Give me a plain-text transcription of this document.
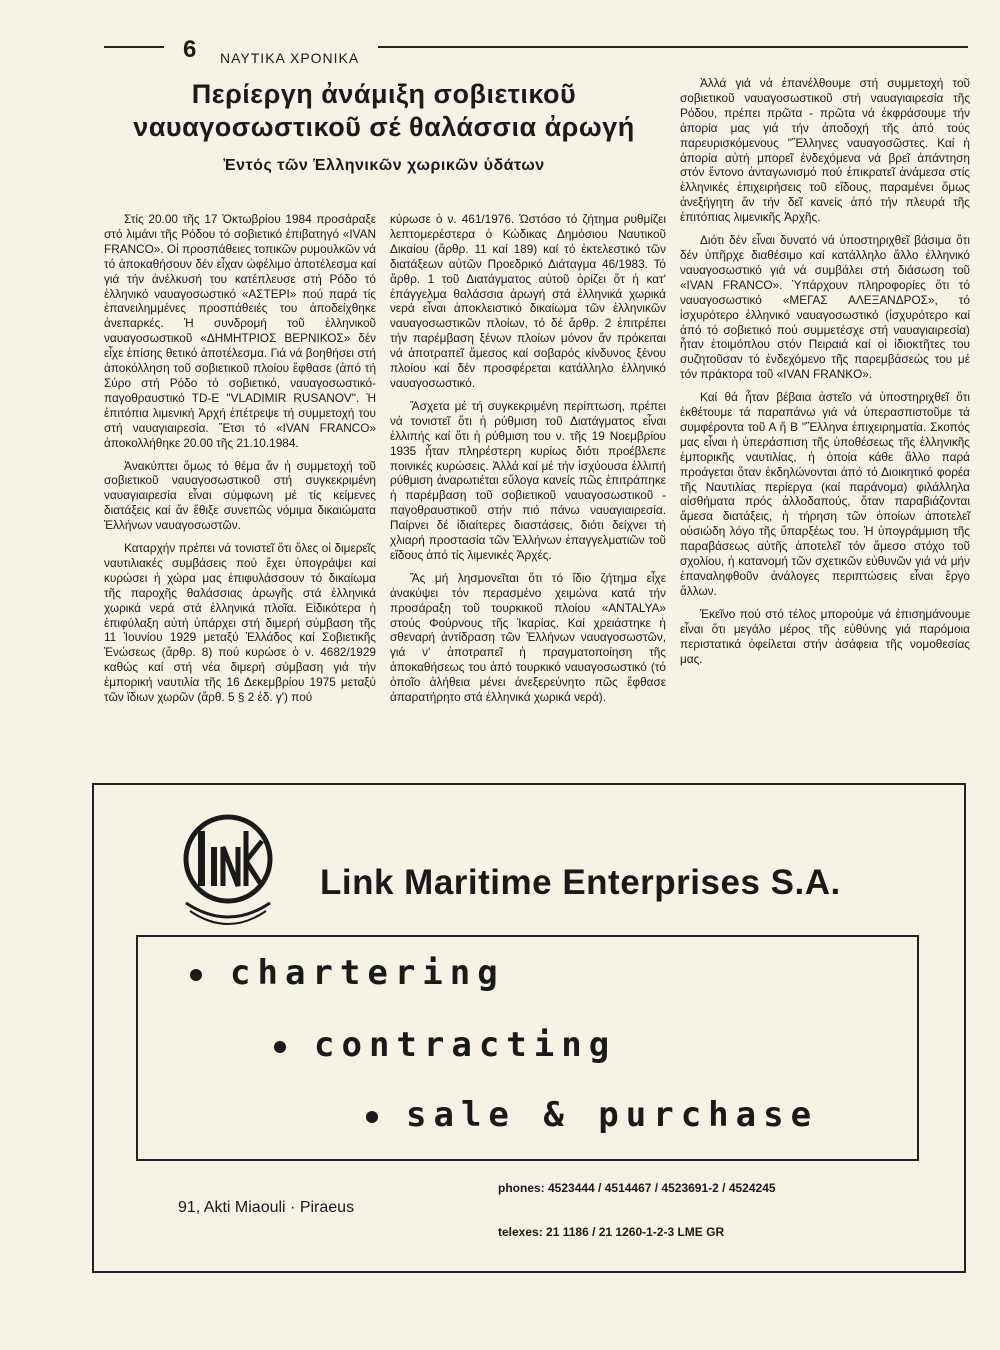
6 ΝΑΥΤΙΚΑ ΧΡΟΝΙΚΑ
Περίεργη ἀνάμιξη σοβιετικοῦ
ναυαγοσωστικοῦ σέ θαλάσσια ἀρωγή
Ἐντός τῶν Ἑλληνικῶν χωρικῶν ὑδάτων

Στίς 20.00 τῆς 17 Ὀκτωβρίου 1984 προσάραξε στό λιμάνι τῆς Ρόδου τό σοβιετικό ἐπιβατηγό «IVAN FRANCO». Οἱ προσπάθειες τοπικῶν ρυμουλκῶν νά τό ἀποκαθήσουν δέν εἶχαν ὠφέλιμο ἀποτέλεσμα καί γιά τήν ἀνέλκυσή του κατέπλευσε στή Ρόδο τό ἑλληνικό ναυαγοσωστικό «ΑΣΤΕΡΙ» πού παρά τίς ἐπανειλημμένες προσπάθειές του ἀποδείχθηκε ἀνεπαρκές. Ἡ συνδρομή τοῦ ἑλληνικοῦ ναυαγοσωστικοῦ «ΔΗΜΗΤΡΙΟΣ ΒΕΡΝΙΚΟΣ» δέν εἶχε ἐπίσης θετικό ἀποτέλεσμα. Γιά νά βοηθήσει στή ἀποκόλληση τοῦ σοβιετικοῦ πλοίου ἔφθασε (ἀπό τή Σύρο στή Ρόδο τό σοβιετικό, ναυαγοσωστικό- παγοθραυστικό TD-E "VLADIMIR RUSANOV". Ἡ ἐπιτόπια λιμενική Ἀρχή ἐπέτρεψε τή συμμετοχή του στή ναυαγιαιρεσία. Ἔτσι τό «IVAN FRANCO» ἀποκολλήθηκε 20.00 τῆς 21.10.1984.

Ἀνακύπτει ὅμως τό θέμα ἄν ἡ συμμετοχή τοῦ σοβιετικοῦ ναυαγοσωστικοῦ στή συγκεκριμένη ναυαγιαιρεσία εἶναι σύμφωνη μέ τίς κείμενες διατάξεις καί ἄν ἔθιξε συνεπῶς νόμιμα δικαιώματα Ἑλλήνων ναυαγοσωστῶν.

Καταρχήν πρέπει νά τονιστεῖ ὅτι ὅλες οἱ διμερεῖς ναυτιλιακές συμβάσεις πού ἔχει ὑπογράψει καί κυρώσει ἡ χώρα μας ἐπιφυλάσσουν τό δικαίωμα τῆς παροχῆς θαλάσσιας ἀρωγῆς στά ἑλληνικά χωρικά νερά στά ἑλληνικά πλοῖα. Εἰδικότερα ἡ ἐπιφύλαξη αὐτή ὑπάρχει στή διμερή σύμβαση τῆς 11 Ἰουνίου 1929 μεταξύ Ἑλλάδος καί Σοβιετικῆς Ἑνώσεως (ἄρθρ. 8) πού κυρώσε ὁ ν. 4682/1929 καθώς καί στή νέα διμερή σύμβαση γιά τήν ἐμπορική ναυτιλία τῆς 16 Δεκεμβρίου 1975 μεταξύ τῶν ἴδιων χωρῶν (ἄρθ. 5 § 2 ἐδ. γ') πού

κύρωσε ὁ ν. 461/1976. Ὡστόσο τό ζήτημα ρυθμίζει λεπτομερέστερα ὁ Κώδικας Δημόσιου Ναυτικοῦ Δικαίου (ἄρθρ. 11 καί 189) καί τό ἐκτελεστικό τῶν διατάξεων αὐτῶν Προεδρικό Διάταγμα 46/1983. Τό ἄρθρ. 1 τοῦ Διατάγματος αὐτοῦ ὁρίζει ὅτ ἡ κατ' ἐπάγγελμα θαλάσσια ἀρωγή στά ἑλληνικά χωρικά νερά εἶναι ἀποκλειστικό δικαίωμα τῶν ἑλληνικῶν ναυαγοσωστικῶν πλοίων, τό δέ ἄρθρ. 2 ἐπιτρέπει τήν παρέμβαση ξένων πλοίων μόνον ἄν πρόκειται νά ἀποτραπεῖ ἄμεσος καί σοβαρός κίνδυνος ξένου πλοίου καί δέν προσφέρεται κατάλληλο ἑλληνικό ναυαγοσωστικό.

Ἄσχετα μέ τή συγκεκριμένη περίπτωση, πρέπει νά τονιστεῖ ὅτι ἡ ρύθμιση τοῦ Διατάγματος εἶναι ἐλλιπής καί ὅτι ἡ ρύθμιση του ν. τῆς 19 Νοεμβρίου 1935 ἦταν πληρέστερη κυρίως διότι προέβλεπε ποινικές κυρώσεις. Ἀλλά καί μέ τήν ἰσχύουσα ἐλλιπή ρύθμιση ἀναρωτιέται εὔλογα κανείς πῶς ἐπιτράπηκε ἡ παρέμβαση τοῦ σοβιετικοῦ ναυαγοσωστικοῦ - παγοθραυστικοῦ στήν πιό πάνω ναυαγιαιρεσία. Παίρνει δέ ἰδιαίτερες διαστάσεις, διότι δείχνει τή χλιαρή προστασία τῶν Ἑλλήνων ἐπαγγελματιῶν τοῦ εἴδους ἀπό τίς λιμενικές Ἀρχές.

Ἄς μή λησμονεῖται ὅτι τό ἴδιο ζήτημα εἶχε ἀνακύψει τόν περασμένο χειμώνα κατά τήν προσάραξη τοῦ τουρκικοῦ πλοίου «ANTALYA» στούς Φούρνους τῆς Ἰκαρίας. Καί χρειάστηκε ἡ σθεναρή ἀντίδραση τῶν Ἑλλήνων ναυαγοσωστῶν, γιά ν' ἀποτραπεῖ ἡ πραγματοποίηση τῆς ἀποκαθήσεως του ἀπό τουρκικό ναυαγοσωστικό (τό ὁποῖο ἀλήθεια μένει ἀνεξερεύνητο πῶς ἔφθασε ἀπαρατήρητο στά ἑλληνικά χωρικά νερά).

Ἀλλά γιά νά ἐπανέλθουμε στή συμμετοχή τοῦ σοβιετικοῦ ναυαγοσωστικοῦ στή ναυαγιαιρεσία τῆς Ρόδου, πρέπει πρῶτα - πρῶτα νά ἐκφράσουμε τήν ἀπορία μας γιά τήν ἀποδοχή τῆς ἀπό τούς παρευρισκόμενους "Ἕλληνες ναυαγοσῶστες. Καί ἡ ἀπορία αὐτή μπορεῖ ἐνδεχόμενα νά βρεῖ ἀπάντηση στόν ἔντονο ἀνταγωνισμό πού ἐπικρατεῖ ἀνάμεσα στίς ἑλληνικές ἐπιχειρήσεις τοῦ εἴδους, παραμένει ὅμως ἀνεξήγητη ἄν τήν δεῖ κανείς ἀπό τήν πλευρά τῆς ἐπιτόπιας λιμενικῆς Ἀρχῆς.

Διότι δέν εἶναι δυνατό νά ὑποστηριχθεῖ βάσιμα ὅτι δέν ὑπῆρχε διαθέσιμο καί κατάλληλο ἄλλο ἑλληνικό ναυαγοσωστικό γιά νά συμβάλει στή διάσωση τοῦ «IVAN FRANCO». Ὑπάρχουν πληροφορίες ὅτι τό ναυαγοσωστικό «ΜΕΓΑΣ ΑΛΕΞΑΝΔΡΟΣ», τό ἰσχυρότερο ἑλληνικό ναυαγοσωστικό (ἰσχυρότερο καί ἀπό τό σοβιετικό πού συμμετέσχε στή ναυαγιαιρεσία) ἦταν ἑτοιμόπλου στόν Πειραιά καί οἱ ἰδιοκτῆτες του συζητοῦσαν τό ἐνδεχόμενο τῆς παρεμβάσεώς του μέ τόν πράκτορα τοῦ «IVAN FRANKO».

Καί θά ἦταν βέβαια ἀστεῖο νά ὑποστηριχθεῖ ὅτι ἐκθέτουμε τά παραπάνω γιά νά ὑπερασπιστοῦμε τά συμφέροντα τοῦ Α ἤ Β "Ἕλληνα ἐπιχειρηματία. Σκοπός μας εἶναι ἡ ὑπεράσπιση τῆς ὑποθέσεως τῆς ἑλληνικῆς ἐμπορικῆς ναυτιλίας, ἡ ὁποία κάθε ἄλλο παρά προάγεται ὅταν ἐκδηλώνονται ἀπό τό Διοικητικό φορέα τῆς Ναυτιλίας περίεργα (καί παράνομα) φιλάλληλα αἰσθήματα πρός ἀλλοδαπούς, ὅταν παραβιάζονται ἄμεσα διατάξεις, ἡ τήρηση τῶν ὁποίων ἀποτελεῖ οὐσιώδη λόγο τῆς ὕπαρξέως του. Ἡ ὑπογράμμιση τῆς παραβάσεως αὐτῆς ἀποτελεῖ τόν ἄμεσο στόχο τοῦ σχολίου, ἡ κατανομή τῶν σχετικῶν εὐθυνῶν γιά νά μήν ἐπαναληφθοῦν ἀνάλογες περιπτώσεις εἶναι ἔργο ἄλλων.

Ἐκεῖνο πού στό τέλος μπορούμε νά ἐπισημάνουμε εἶναι ὅτι μεγάλο μέρος τῆς εὐθύνης γιά παρόμοια περιστατικά ὀφείλεται στήν ἀσάφεια τῆς νομοθεσίας μας.

Link Maritime Enterprises S.A.
chartering
contracting
sale & purchase
91, Akti Miaouli · Piraeus
phones: 4523444 / 4514467 / 4523691-2 / 4524245
telexes: 21 1186 / 21 1260-1-2-3 LME GR
